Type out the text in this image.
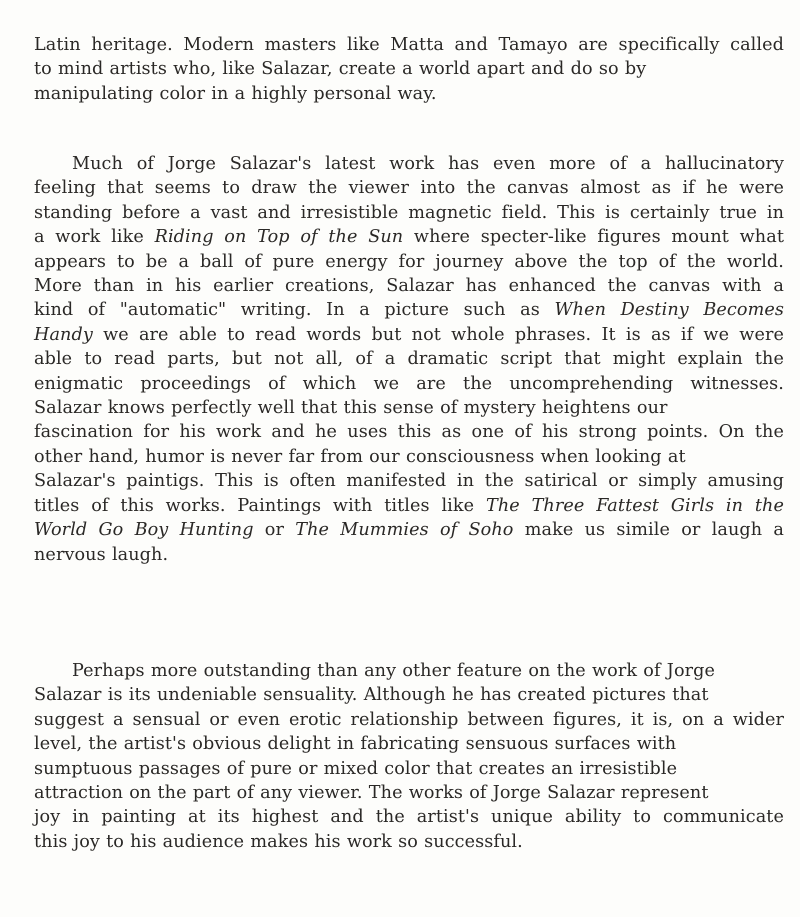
Latin heritage. Modern masters like Matta and Tamayo are specifically called
to mind artists who, like Salazar, create a world apart and do so by
manipulating color in a highly personal way.

Much of Jorge Salazar's latest work has even more of a hallucinatory
feeling that seems to draw the viewer into the canvas almost as if he were
standing before a vast and irresistible magnetic field. This is certainly true in
a work like Riding on Top of the Sun where specter-like figures mount what
appears to be a ball of pure energy for journey above the top of the world.
More than in his earlier creations, Salazar has enhanced the canvas with a
kind of "automatic" writing. In a picture such as When Destiny Becomes
Handy we are able to read words but not whole phrases. It is as if we were
able to read parts, but not all, of a dramatic script that might explain the
enigmatic proceedings of which we are the uncomprehending witnesses.
Salazar knows perfectly well that this sense of mystery heightens our
fascination for his work and he uses this as one of his strong points. On the
other hand, humor is never far from our consciousness when looking at
Salazar's paintigs. This is often manifested in the satirical or simply amusing
titles of this works. Paintings with titles like The Three Fattest Girls in the
World Go Boy Hunting or The Mummies of Soho make us simile or laugh a
nervous laugh.

Perhaps more outstanding than any other feature on the work of Jorge
Salazar is its undeniable sensuality. Although he has created pictures that
suggest a sensual or even erotic relationship between figures, it is, on a wider
level, the artist's obvious delight in fabricating sensuous surfaces with
sumptuous passages of pure or mixed color that creates an irresistible
attraction on the part of any viewer. The works of Jorge Salazar represent
joy in painting at its highest and the artist's unique ability to communicate
this joy to his audience makes his work so successful.
